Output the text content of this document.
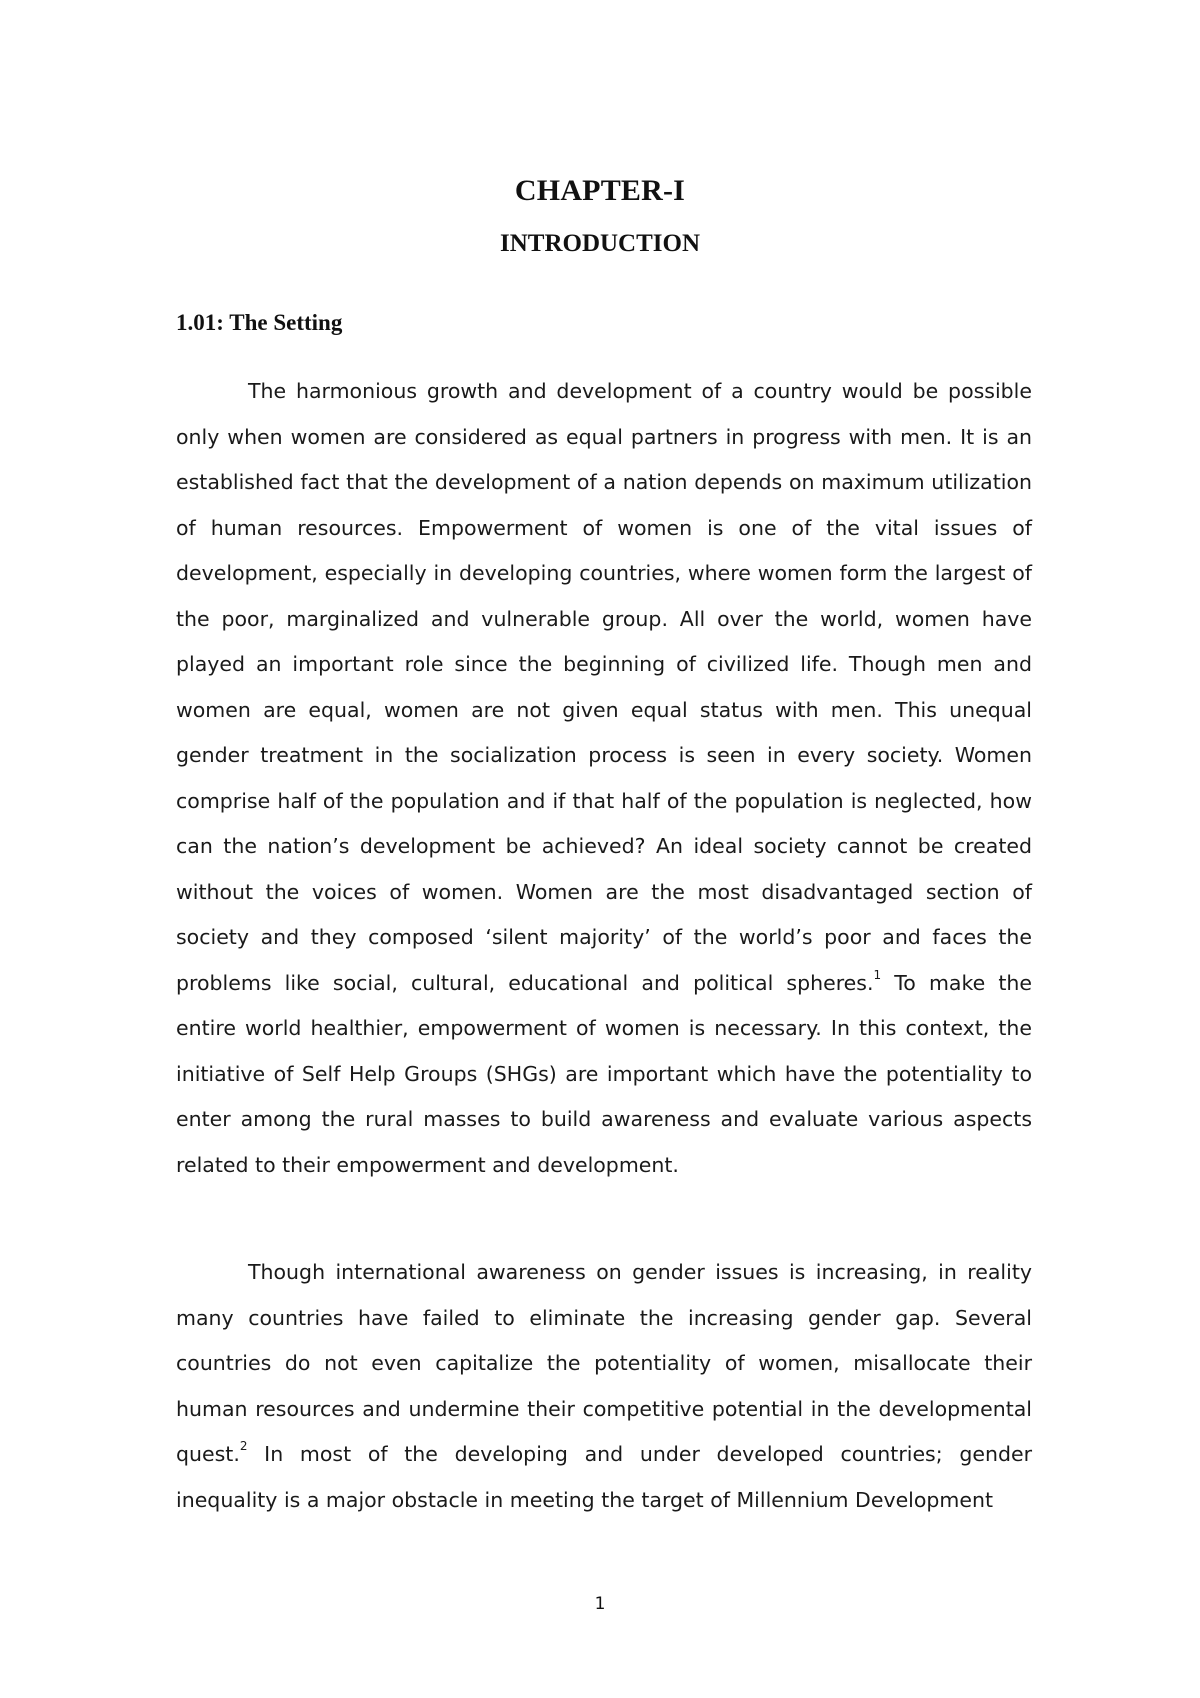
CHAPTER-I
INTRODUCTION
1.01: The Setting

The harmonious growth and development of a country would be possible only when women are considered as equal partners in progress with men. It is an established fact that the development of a nation depends on maximum utilization of human resources. Empowerment of women is one of the vital issues of development, especially in developing countries, where women form the largest of the poor, marginalized and vulnerable group. All over the world, women have played an important role since the beginning of civilized life. Though men and women are equal, women are not given equal status with men. This unequal gender treatment in the socialization process is seen in every society. Women comprise half of the population and if that half of the population is neglected, how can the nation’s development be achieved? An ideal society cannot be created without the voices of women. Women are the most disadvantaged section of society and they composed ‘silent majority’ of the world’s poor and faces the problems like social, cultural, educational and political spheres.$^1$ To make the entire world healthier, empowerment of women is necessary. In this context, the initiative of Self Help Groups (SHGs) are important which have the potentiality to enter among the rural masses to build awareness and evaluate various aspects related to their empowerment and development.

Though international awareness on gender issues is increasing, in reality many countries have failed to eliminate the increasing gender gap. Several countries do not even capitalize the potentiality of women, misallocate their human resources and undermine their competitive potential in the developmental quest.$^2$ In most of the developing and under developed countries; gender inequality is a major obstacle in meeting the target of Millennium Development

1
